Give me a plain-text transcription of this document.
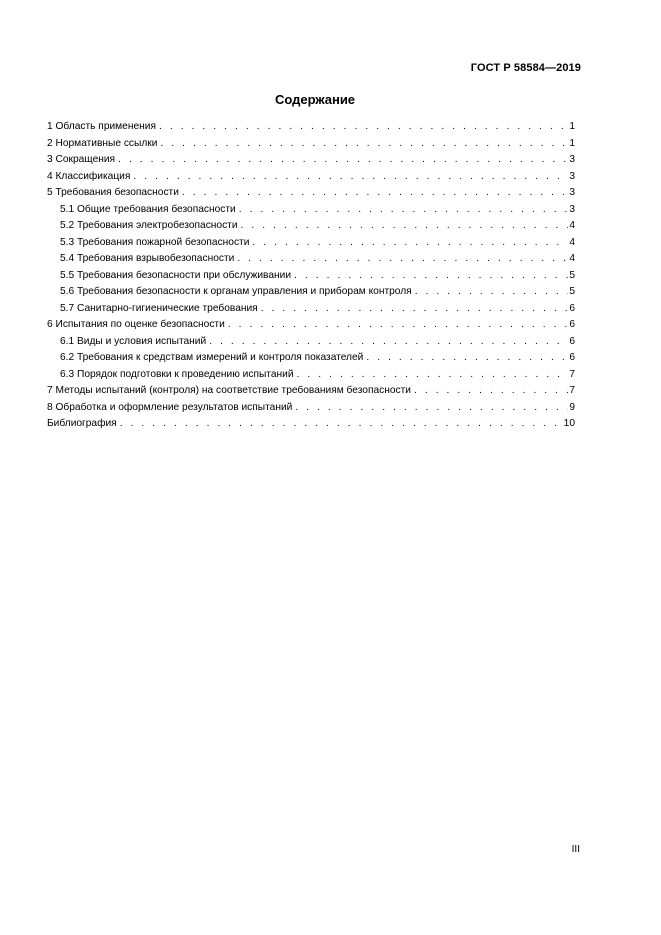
ГОСТ Р 58584—2019
Содержание
1 Область применения . . .	1
2 Нормативные ссылки . . .	1
3 Сокращения . . .	3
4 Классификация . . .	3
5 Требования безопасности . . .	3
5.1 Общие требования безопасности . . .	3
5.2 Требования электробезопасности . . .	4
5.3 Требования пожарной безопасности . . .	4
5.4 Требования взрывобезопасности . . .	4
5.5 Требования безопасности при обслуживании . . .	5
5.6 Требования безопасности к органам управления и приборам контроля . . .	5
5.7 Санитарно-гигиенические требования . . .	6
6 Испытания по оценке безопасности . . .	6
6.1 Виды и условия испытаний . . .	6
6.2 Требования к средствам измерений и контроля показателей . . .	6
6.3 Порядок подготовки к проведению испытаний . . .	7
7 Методы испытаний (контроля) на соответствие требованиям безопасности . . .	7
8 Обработка и оформление результатов испытаний . . .	9
Библиография . . .	10
III
